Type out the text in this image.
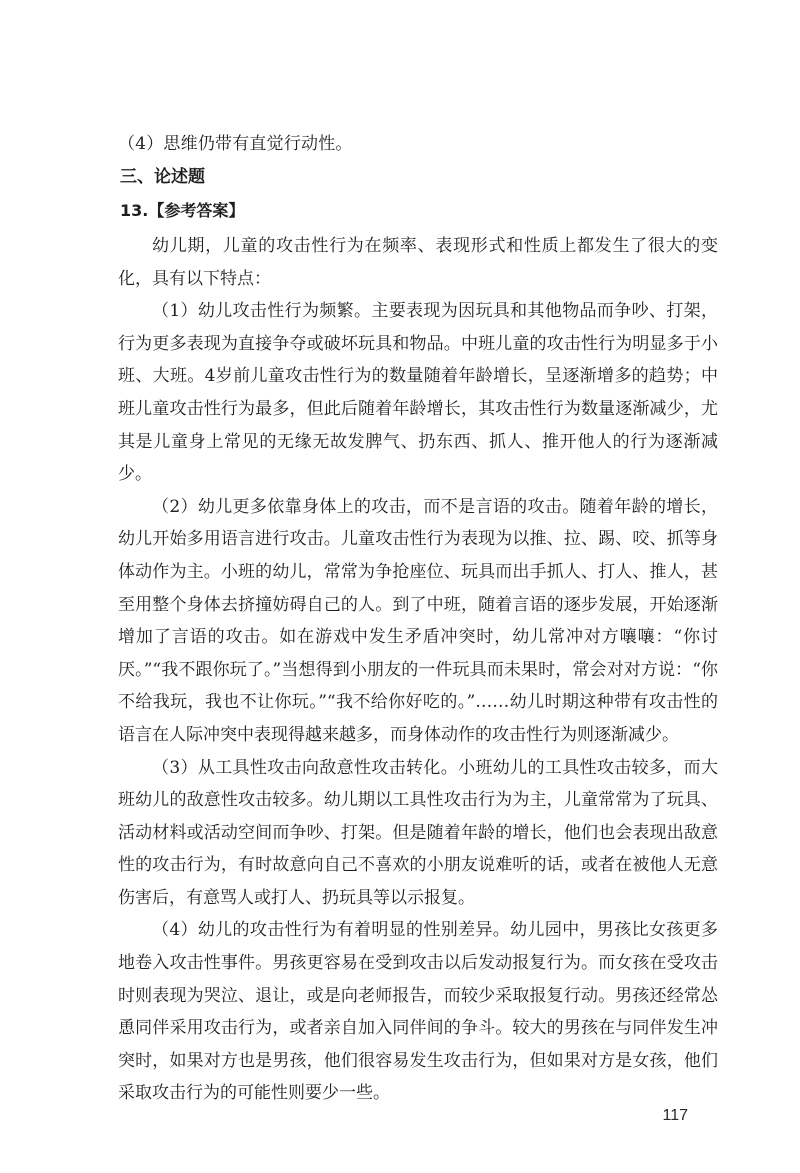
（4）思维仍带有直觉行动性。

三、论述题

13.【参考答案】

幼儿期，儿童的攻击性行为在频率、表现形式和性质上都发生了很大的变化，具有以下特点：

（1）幼儿攻击性行为频繁。主要表现为因玩具和其他物品而争吵、打架，行为更多表现为直接争夺或破坏玩具和物品。中班儿童的攻击性行为明显多于小班、大班。4岁前儿童攻击性行为的数量随着年龄增长，呈逐渐增多的趋势；中班儿童攻击性行为最多，但此后随着年龄增长，其攻击性行为数量逐渐减少，尤其是儿童身上常见的无缘无故发脾气、扔东西、抓人、推开他人的行为逐渐减少。

（2）幼儿更多依靠身体上的攻击，而不是言语的攻击。随着年龄的增长，幼儿开始多用语言进行攻击。儿童攻击性行为表现为以推、拉、踢、咬、抓等身体动作为主。小班的幼儿，常常为争抢座位、玩具而出手抓人、打人、推人，甚至用整个身体去挤撞妨碍自己的人。到了中班，随着言语的逐步发展，开始逐渐增加了言语的攻击。如在游戏中发生矛盾冲突时，幼儿常冲对方嚷嚷：“你讨厌。”“我不跟你玩了。”当想得到小朋友的一件玩具而未果时，常会对对方说：“你不给我玩，我也不让你玩。”“我不给你好吃的。”……幼儿时期这种带有攻击性的语言在人际冲突中表现得越来越多，而身体动作的攻击性行为则逐渐减少。

（3）从工具性攻击向敌意性攻击转化。小班幼儿的工具性攻击较多，而大班幼儿的敌意性攻击较多。幼儿期以工具性攻击行为为主，儿童常常为了玩具、活动材料或活动空间而争吵、打架。但是随着年龄的增长，他们也会表现出敌意性的攻击行为，有时故意向自己不喜欢的小朋友说难听的话，或者在被他人无意伤害后，有意骂人或打人、扔玩具等以示报复。

（4）幼儿的攻击性行为有着明显的性别差异。幼儿园中，男孩比女孩更多地卷入攻击性事件。男孩更容易在受到攻击以后发动报复行为。而女孩在受攻击时则表现为哭泣、退让，或是向老师报告，而较少采取报复行动。男孩还经常怂恿同伴采用攻击行为，或者亲自加入同伴间的争斗。较大的男孩在与同伴发生冲突时，如果对方也是男孩，他们很容易发生攻击行为，但如果对方是女孩，他们采取攻击行为的可能性则要少一些。

117
